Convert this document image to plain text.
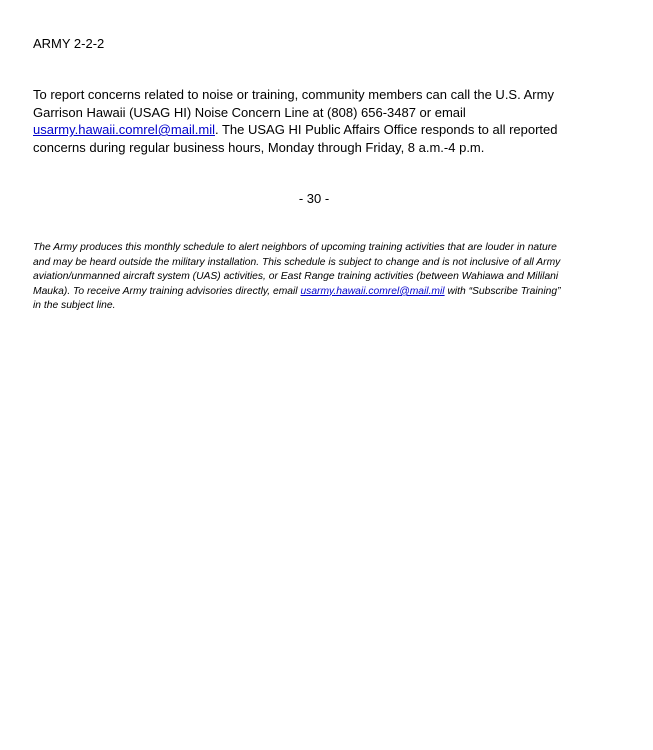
ARMY 2-2-2
To report concerns related to noise or training, community members can call the U.S. Army
Garrison Hawaii (USAG HI) Noise Concern Line at (808) 656-3487 or email
usarmy.hawaii.comrel@mail.mil. The USAG HI Public Affairs Office responds to all reported
concerns during regular business hours, Monday through Friday, 8 a.m.-4 p.m.
- 30 -
The Army produces this monthly schedule to alert neighbors of upcoming training activities that are louder in nature
and may be heard outside the military installation. This schedule is subject to change and is not inclusive of all Army
aviation/unmanned aircraft system (UAS) activities, or East Range training activities (between Wahiawa and Mililani
Mauka). To receive Army training advisories directly, email usarmy.hawaii.comrel@mail.mil with “Subscribe Training”
in the subject line.
